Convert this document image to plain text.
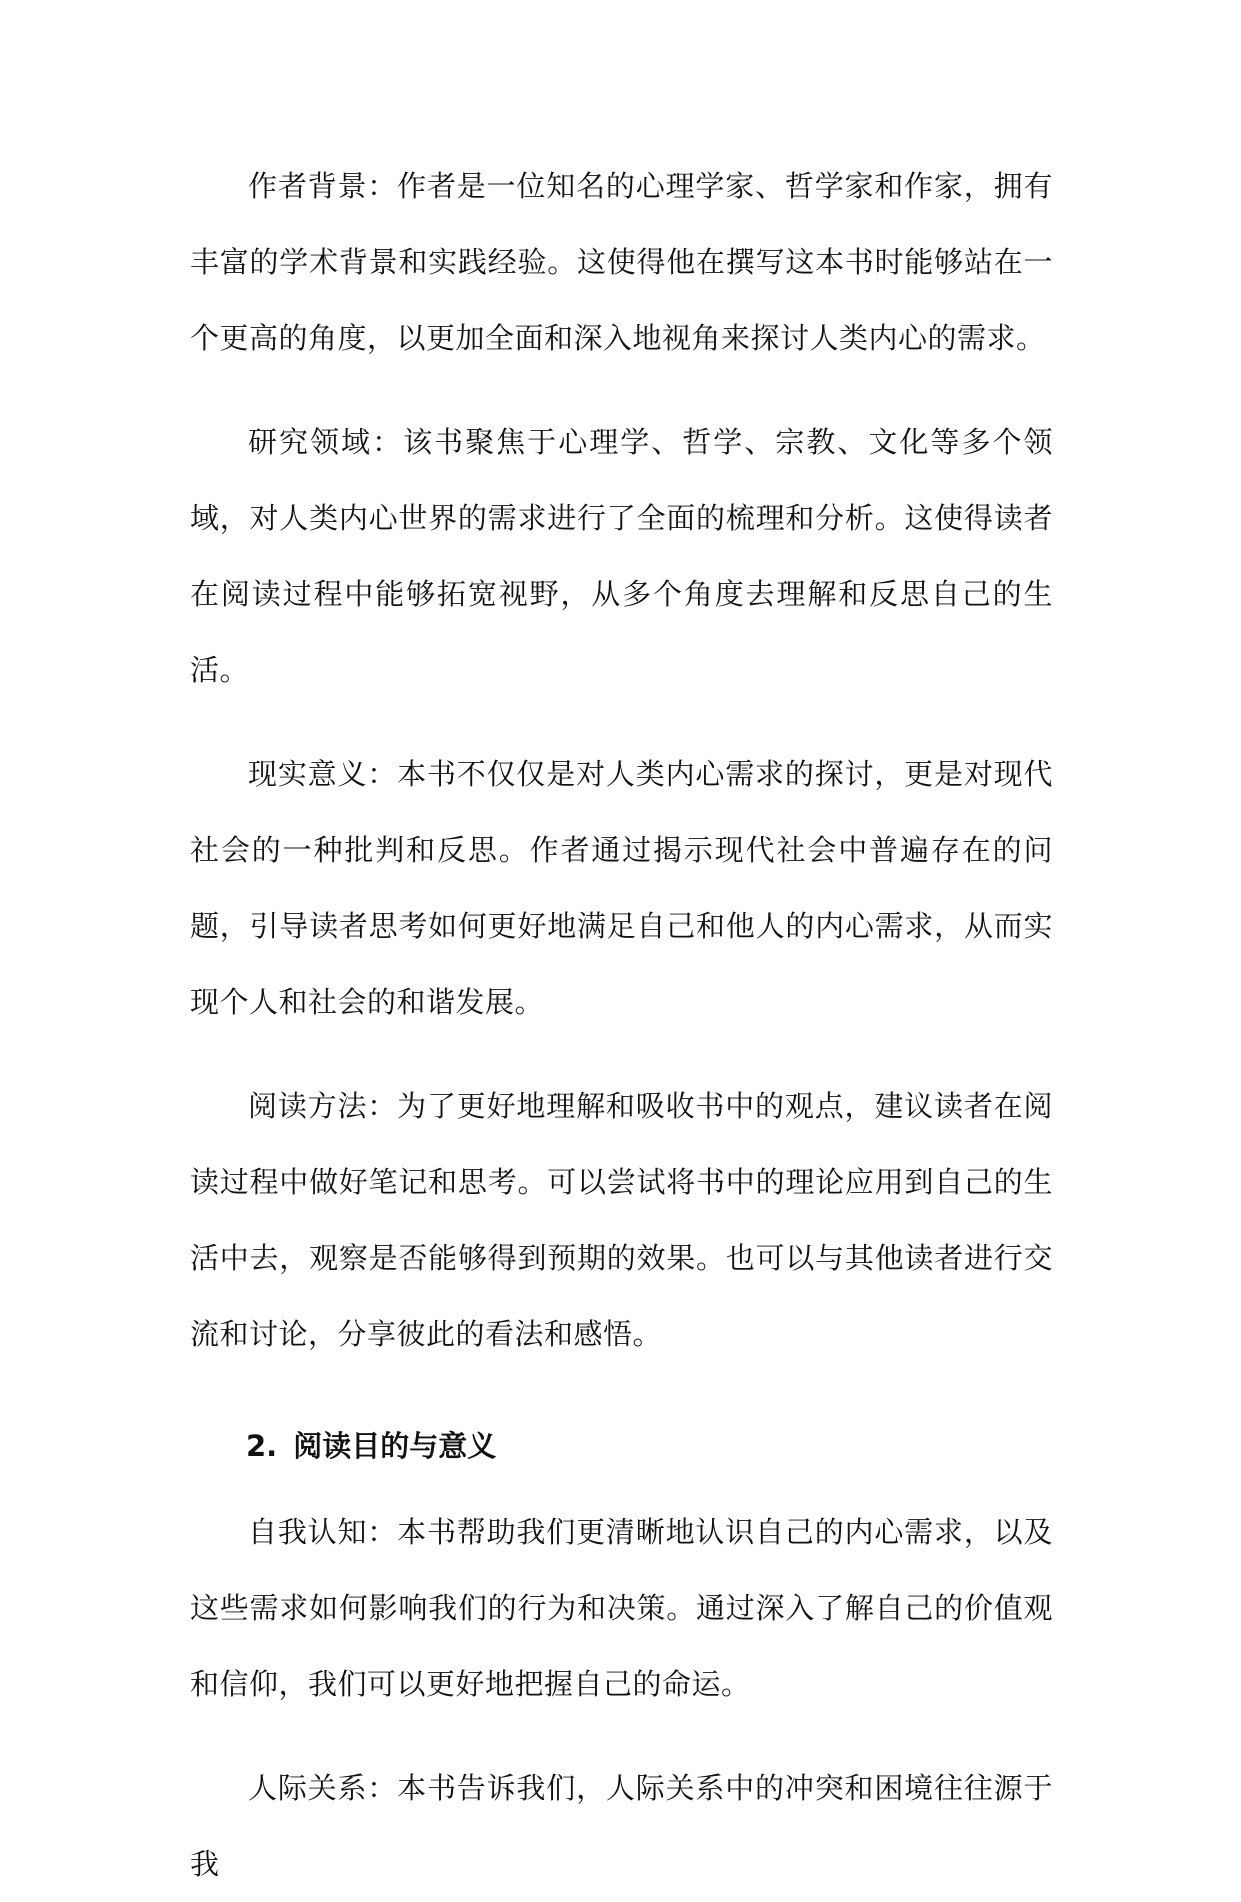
作者背景：作者是一位知名的心理学家、哲学家和作家，拥有丰富的学术背景和实践经验。这使得他在撰写这本书时能够站在一个更高的角度，以更加全面和深入地视角来探讨人类内心的需求。

研究领域：该书聚焦于心理学、哲学、宗教、文化等多个领域，对人类内心世界的需求进行了全面的梳理和分析。这使得读者在阅读过程中能够拓宽视野，从多个角度去理解和反思自己的生活。

现实意义：本书不仅仅是对人类内心需求的探讨，更是对现代社会的一种批判和反思。作者通过揭示现代社会中普遍存在的问题，引导读者思考如何更好地满足自己和他人的内心需求，从而实现个人和社会的和谐发展。

阅读方法：为了更好地理解和吸收书中的观点，建议读者在阅读过程中做好笔记和思考。可以尝试将书中的理论应用到自己的生活中去，观察是否能够得到预期的效果。也可以与其他读者进行交流和讨论，分享彼此的看法和感悟。

2. 阅读目的与意义

自我认知：本书帮助我们更清晰地认识自己的内心需求，以及这些需求如何影响我们的行为和决策。通过深入了解自己的价值观和信仰，我们可以更好地把握自己的命运。

人际关系：本书告诉我们，人际关系中的冲突和困境往往源于我
